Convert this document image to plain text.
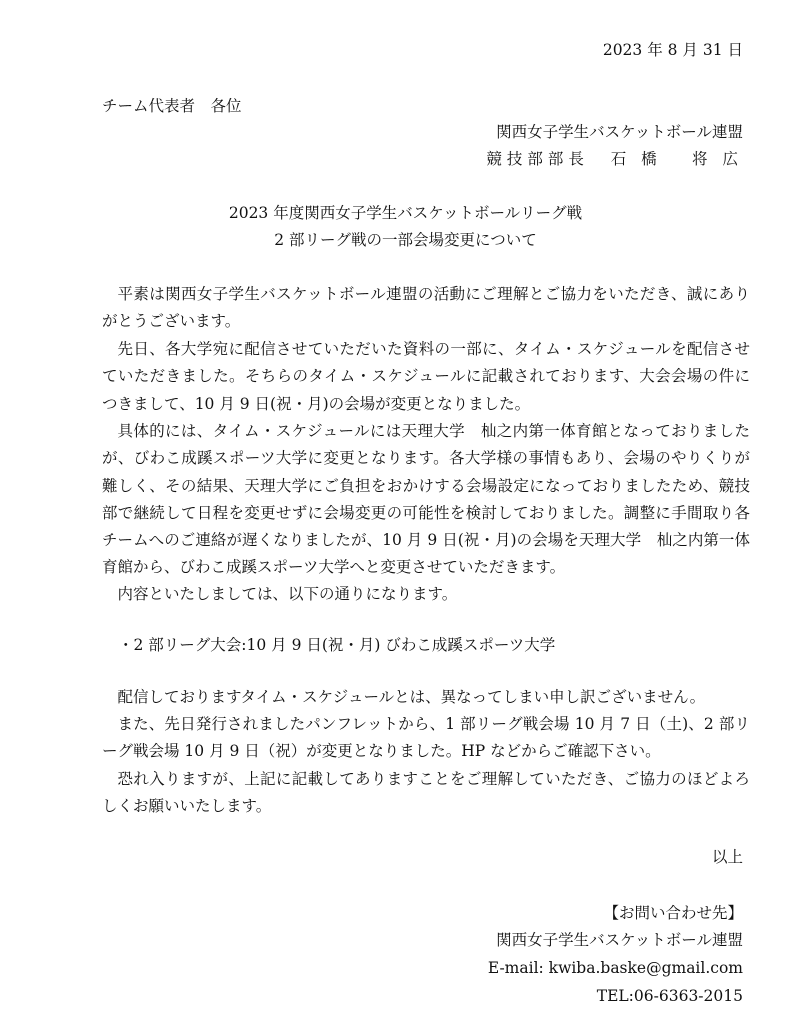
2023 年 8 月 31 日
チーム代表者　各位
関西女子学生バスケットボール連盟
競技部部長 石 橋　 将 広
2023 年度関西女子学生バスケットボールリーグ戦
2 部リーグ戦の一部会場変更について
平素は関西女子学生バスケットボール連盟の活動にご理解とご協力をいただき、誠にありがとうございます。
先日、各大学宛に配信させていただいた資料の一部に、タイム・スケジュールを配信させていただきました。そちらのタイム・スケジュールに記載されております、大会会場の件につきまして、10 月 9 日(祝・月)の会場が変更となりました。
具体的には、タイム・スケジュールには天理大学　杣之内第一体育館となっておりましたが、びわこ成蹊スポーツ大学に変更となります。各大学様の事情もあり、会場のやりくりが難しく、その結果、天理大学にご負担をおかけする会場設定になっておりましたため、競技部で継続して日程を変更せずに会場変更の可能性を検討しておりました。調整に手間取り各チームへのご連絡が遅くなりましたが、10 月 9 日(祝・月)の会場を天理大学　杣之内第一体育館から、びわこ成蹊スポーツ大学へと変更させていただきます。
内容といたしましては、以下の通りになります。
・2 部リーグ大会:10 月 9 日(祝・月) びわこ成蹊スポーツ大学
配信しておりますタイム・スケジュールとは、異なってしまい申し訳ございません。
また、先日発行されましたパンフレットから、1 部リーグ戦会場 10 月 7 日（土)、2 部リーグ戦会場 10 月 9 日（祝）が変更となりました。HP などからご確認下さい。
恐れ入りますが、上記に記載してありますことをご理解していただき、ご協力のほどよろしくお願いいたします。
以上
【お問い合わせ先】
関西女子学生バスケットボール連盟
E-mail: kwiba.baske@gmail.com
TEL:06-6363-2015
